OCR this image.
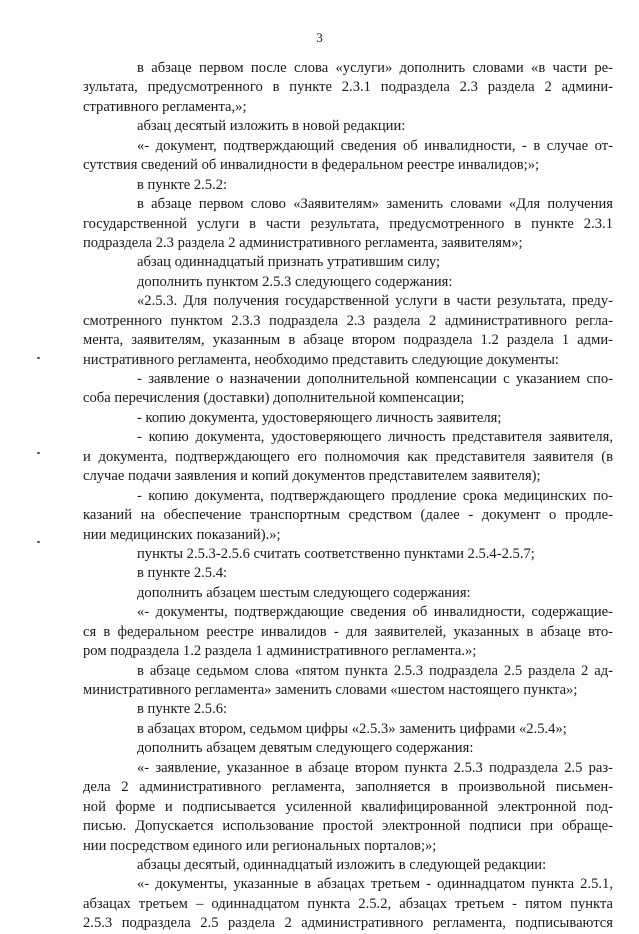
3
в абзаце первом после слова «услуги» дополнить словами «в части ре-
зультата, предусмотренного в пункте 2.3.1 подраздела 2.3 раздела 2 админи-
стративного регламента,»;
абзац десятый изложить в новой редакции:
«- документ, подтверждающий сведения об инвалидности, - в случае от-
сутствия сведений об инвалидности в федеральном реестре инвалидов;»;
в пункте 2.5.2:
в абзаце первом слово «Заявителям» заменить словами «Для получения
государственной услуги в части результата, предусмотренного в пункте 2.3.1
подраздела 2.3 раздела 2 административного регламента, заявителям»;
абзац одиннадцатый признать утратившим силу;
дополнить пунктом 2.5.3 следующего содержания:
«2.5.3. Для получения государственной услуги в части результата, преду-
смотренного пунктом 2.3.3 подраздела 2.3 раздела 2 административного регла-
мента, заявителям, указанным в абзаце втором подраздела 1.2 раздела 1 адми-
нистративного регламента, необходимо представить следующие документы:
- заявление о назначении дополнительной компенсации с указанием спо-
соба перечисления (доставки) дополнительной компенсации;
- копию документа, удостоверяющего личность заявителя;
- копию документа, удостоверяющего личность представителя заявителя,
и документа, подтверждающего его полномочия как представителя заявителя (в
случае подачи заявления и копий документов представителем заявителя);
- копию документа, подтверждающего продление срока медицинских по-
казаний на обеспечение транспортным средством (далее - документ о продле-
нии медицинских показаний).»;
пункты 2.5.3-2.5.6 считать соответственно пунктами 2.5.4-2.5.7;
в пункте 2.5.4:
дополнить абзацем шестым следующего содержания:
«- документы, подтверждающие сведения об инвалидности, содержащие-
ся в федеральном реестре инвалидов - для заявителей, указанных в абзаце вто-
ром подраздела 1.2 раздела 1 административного регламента.»;
в абзаце седьмом слова «пятом пункта 2.5.3 подраздела 2.5 раздела 2 ад-
министративного регламента» заменить словами «шестом настоящего пункта»;
в пункте 2.5.6:
в абзацах втором, седьмом цифры «2.5.3» заменить цифрами «2.5.4»;
дополнить абзацем девятым следующего содержания:
«- заявление, указанное в абзаце втором пункта 2.5.3 подраздела 2.5 раз-
дела 2 административного регламента, заполняется в произвольной письмен-
ной форме и подписывается усиленной квалифицированной электронной под-
писью. Допускается использование простой электронной подписи при обраще-
нии посредством единого или региональных порталов;»;
абзацы десятый, одиннадцатый изложить в следующей редакции:
«- документы, указанные в абзацах третьем - одиннадцатом пункта 2.5.1,
абзацах третьем – одиннадцатом пункта 2.5.2, абзацах третьем - пятом пункта
2.5.3 подраздела 2.5 раздела 2 административного регламента, подписываются
